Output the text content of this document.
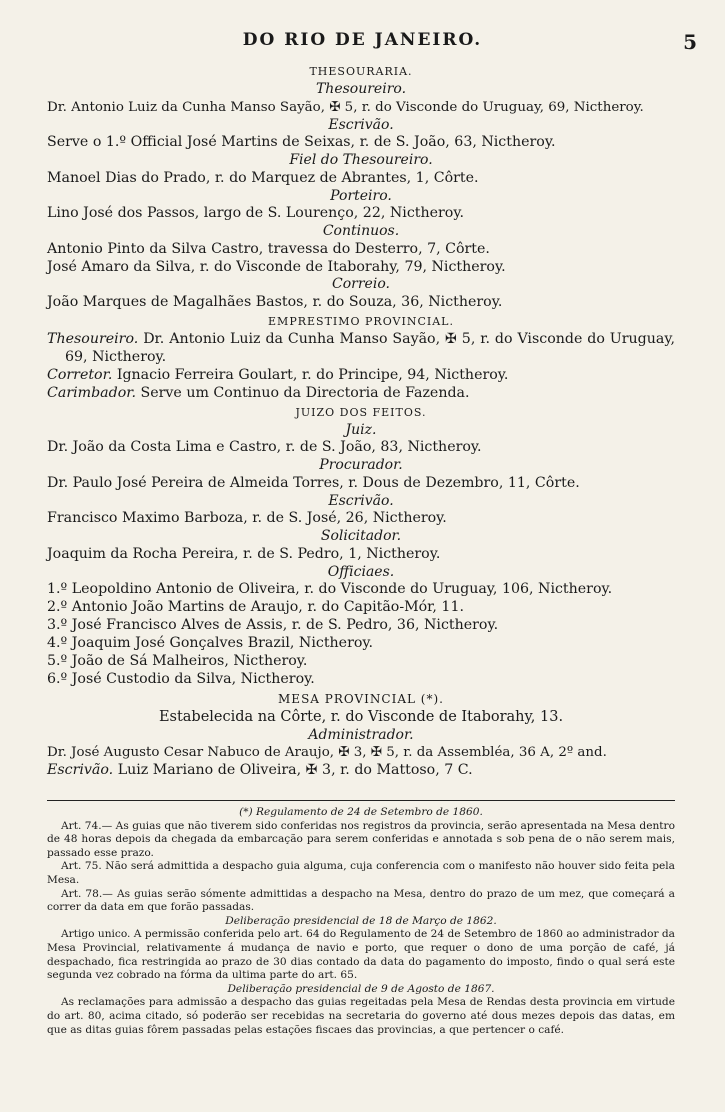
DO RIO DE JANEIRO.	5
THESOURARIA.
Thesoureiro.
Dr. Antonio Luiz da Cunha Manso Sayão, ✠ 5, r. do Visconde do Uruguay, 69, Nictheroy.
Escrivão.
Serve o 1.º Official José Martins de Seixas, r. de S. João, 63, Nictheroy.
Fiel do Thesoureiro.
Manoel Dias do Prado, r. do Marquez de Abrantes, 1, Côrte.
Porteiro.
Lino José dos Passos, largo de S. Lourenço, 22, Nictheroy.
Continuos.
Antonio Pinto da Silva Castro, travessa do Desterro, 7, Côrte.
José Amaro da Silva, r. do Visconde de Itaborahy, 79, Nictheroy.
Correio.
João Marques de Magalhães Bastos, r. do Souza, 36, Nictheroy.
EMPRESTIMO PROVINCIAL.
Thesoureiro. Dr. Antonio Luiz da Cunha Manso Sayão, ✠ 5, r. do Visconde do Uruguay, 69, Nictheroy.
Corretor. Ignacio Ferreira Goulart, r. do Principe, 94, Nictheroy.
Carimbador. Serve um Continuo da Directoria de Fazenda.
JUIZO DOS FEITOS.
Juiz.
Dr. João da Costa Lima e Castro, r. de S. João, 83, Nictheroy.
Procurador.
Dr. Paulo José Pereira de Almeida Torres, r. Dous de Dezembro, 11, Côrte.
Escrivão.
Francisco Maximo Barboza, r. de S. José, 26, Nictheroy.
Solicitador.
Joaquim da Rocha Pereira, r. de S. Pedro, 1, Nictheroy.
Officiaes.
1.º Leopoldino Antonio de Oliveira, r. do Visconde do Uruguay, 106, Nictheroy.
2.º Antonio João Martins de Araujo, r. do Capitão-Mór, 11.
3.º José Francisco Alves de Assis, r. de S. Pedro, 36, Nictheroy.
4.º Joaquim José Gonçalves Brazil, Nictheroy.
5.º João de Sá Malheiros, Nictheroy.
6.º José Custodio da Silva, Nictheroy.
MESA PROVINCIAL (*).
Estabelecida na Côrte, r. do Visconde de Itaborahy, 13.
Administrador.
Dr. José Augusto Cesar Nabuco de Araujo, ✠ 3, ✠ 5, r. da Assembléa, 36 A, 2º and.
Escrivão. Luiz Mariano de Oliveira, ✠ 3, r. do Mattoso, 7 C.
(*) Regulamento de 24 de Setembro de 1860.

Art. 74.— As guias que não tiverem sido conferidas nos registros da provincia, serão apresentada na Mesa dentro de 48 horas depois da chegada da embarcação para serem conferidas e annotada s sob pena de o não serem mais, passado esse prazo.

Art. 75. Não será admittida a despacho guia alguma, cuja conferencia com o manifesto não houver sido feita pela Mesa.

Art. 78.— As guias serão sómente admittidas a despacho na Mesa, dentro do prazo de um mez, que começará a correr da data em que forão passadas.

Deliberação presidencial de 18 de Março de 1862.

Artigo unico. A permissão conferida pelo art. 64 do Regulamento de 24 de Setembro de 1860 ao administrador da Mesa Provincial, relativamente á mudança de navio e porto, que requer o dono de uma porção de café, já despachado, fica restringida ao prazo de 30 dias contado da data do pagamento do imposto, findo o qual será este segunda vez cobrado na fórma da ultima parte do art. 65.

Deliberação presidencial de 9 de Agosto de 1867.

As reclamações para admissão a despacho das guias regeitadas pela Mesa de Rendas desta provincia em virtude do art. 80, acima citado, só poderão ser recebidas na secretaria do governo até dous mezes depois das datas, em que as ditas guias fôrem passadas pelas estações fiscaes das provincias, a que pertencer o café.
